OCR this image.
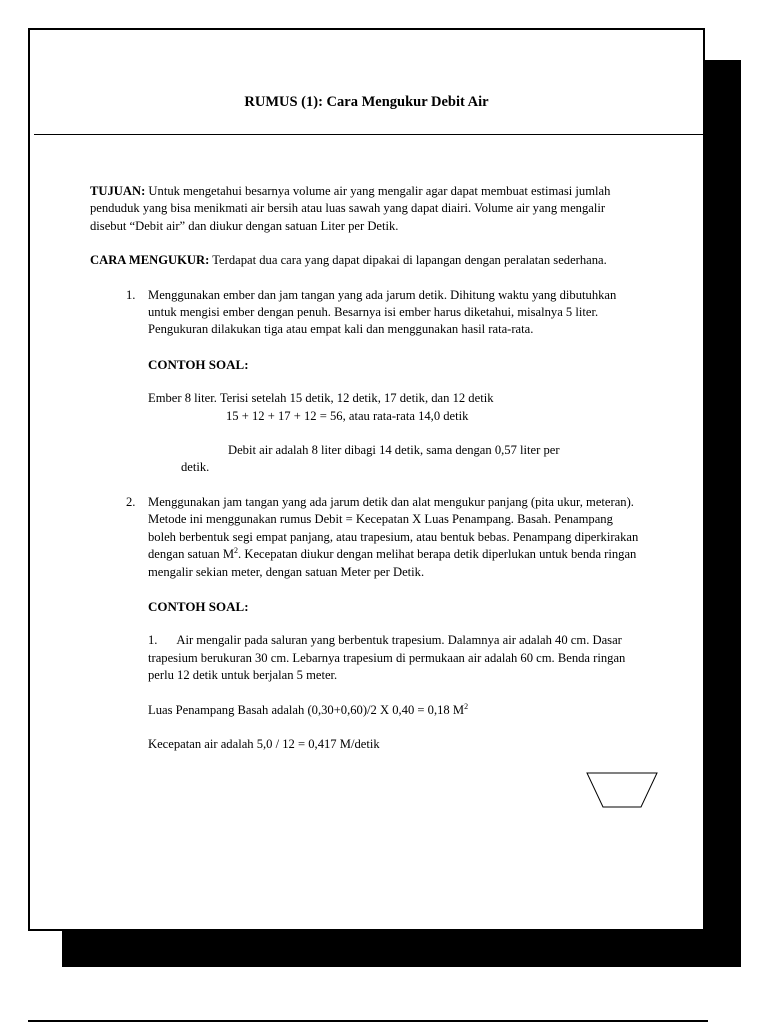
RUMUS (1): Cara Mengukur Debit Air

TUJUAN: Untuk mengetahui besarnya volume air yang mengalir agar dapat membuat estimasi jumlah penduduk yang bisa menikmati air bersih atau luas sawah yang dapat diairi. Volume air yang mengalir disebut “Debit air” dan diukur dengan satuan Liter per Detik.

CARA MENGUKUR: Terdapat dua cara yang dapat dipakai di lapangan dengan peralatan sederhana.

1. Menggunakan ember dan jam tangan yang ada jarum detik. Dihitung waktu yang dibutuhkan untuk mengisi ember dengan penuh. Besarnya isi ember harus diketahui, misalnya 5 liter. Pengukuran dilakukan tiga atau empat kali dan menggunakan hasil rata-rata.

CONTOH SOAL:

Ember 8 liter. Terisi setelah 15 detik, 12 detik, 17 detik, dan 12 detik

15 + 12 + 17 + 12 = 56, atau rata-rata 14,0 detik

Debit air adalah 8 liter dibagi 14 detik, sama dengan 0,57 liter per

detik.

2. Menggunakan jam tangan yang ada jarum detik dan alat mengukur panjang (pita ukur, meteran). Metode ini menggunakan rumus Debit = Kecepatan X Luas Penampang. Basah. Penampang boleh berbentuk segi empat panjang, atau trapesium, atau bentuk bebas. Penampang diperkirakan dengan satuan $M^2$. Kecepatan diukur dengan melihat berapa detik diperlukan untuk benda ringan mengalir sekian meter, dengan satuan Meter per Detik.

CONTOH SOAL:

1. Air mengalir pada saluran yang berbentuk trapesium. Dalamnya air adalah 40 cm. Dasar trapesium berukuran 30 cm. Lebarnya trapesium di permukaan air adalah 60 cm. Benda ringan perlu 12 detik untuk berjalan 5 meter.

Luas Penampang Basah adalah (0,30+0,60)/2 X 0,40 = 0,18 $M^2$

Kecepatan air adalah 5,0 / 12 = 0,417 M/detik
